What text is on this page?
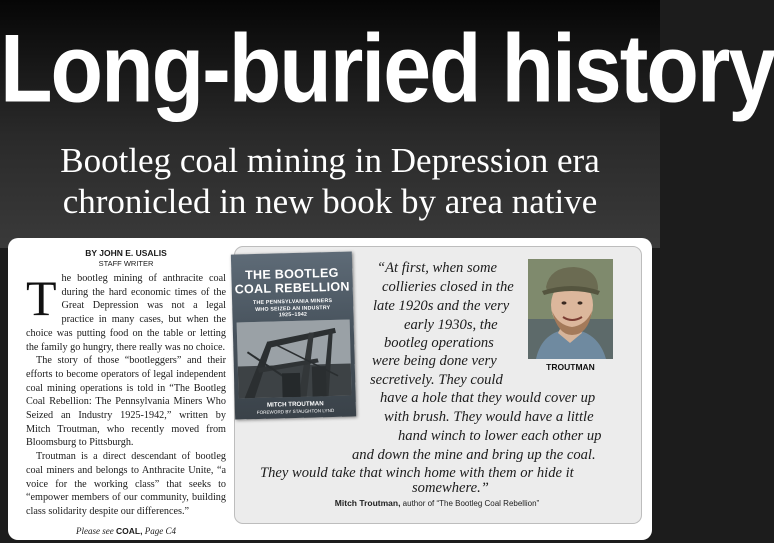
Long-buried history
Bootleg coal mining in Depression era
chronicled in new book by area native
BY JOHN E. USALIS
STAFF WRITER

The bootleg mining of anthracite coal during the hard economic times of the Great Depression was not a legal practice in many cases, but when the choice was putting food on the table or letting the family go hungry, there really was no choice.

The story of those “bootleggers” and their efforts to become operators of legal independent coal mining operations is told in “The Bootleg Coal Rebellion: The Pennsylvania Miners Who Seized an Industry 1925-1942,” written by Mitch Troutman, who recently moved from Bloomsburg to Pittsburgh.

Troutman is a direct descendant of bootleg coal miners and belongs to Anthracite Unite, “a voice for the working class” that seeks to “empower members of our community, building class solidarity despite our differences.”

Please see COAL, Page C4
THE BOOTLEG
COAL REBELLION
THE PENNSYLVANIA MINERS
WHO SEIZED AN INDUSTRY
1925–1942
MITCH TROUTMAN
FOREWORD BY STAUGHTON LYND
“At first, when some
collieries closed in the
late 1920s and the very
early 1930s, the
bootleg operations
were being done very
secretively. They could
have a hole that they would cover up
with brush. They would have a little
hand winch to lower each other up
and down the mine and bring up the coal.
They would take that winch home with them or hide it
somewhere.”
TROUTMAN
Mitch Troutman, author of “The Bootleg Coal Rebellion”
